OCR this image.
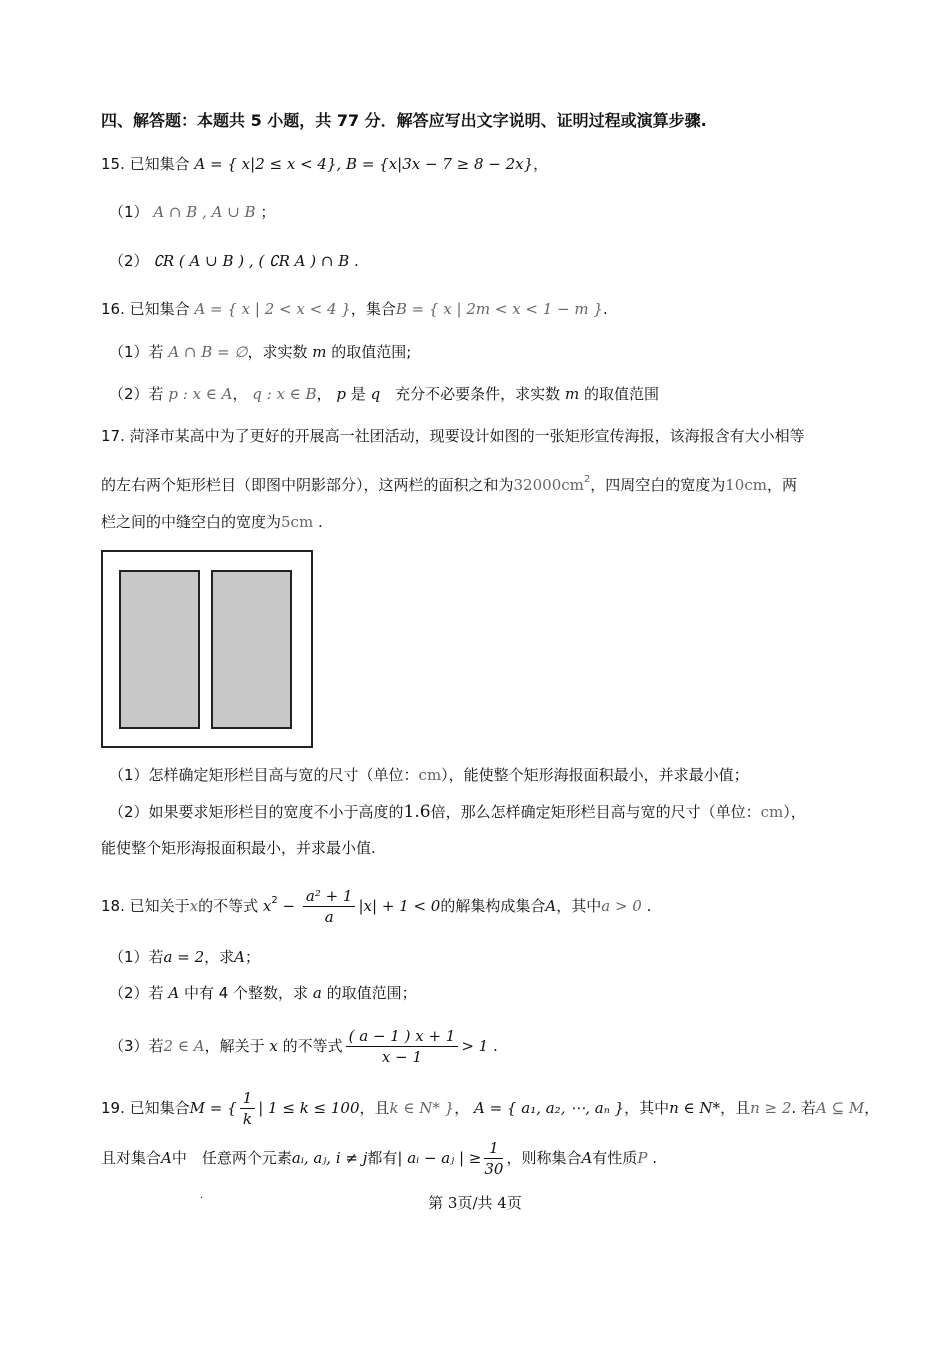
四、解答题：本题共 5 小题，共 77 分．解答应写出文字说明、证明过程或演算步骤.
15. 已知集合 A = { x|2 ≤ x < 4}, B = {x|3x − 7 ≥ 8 − 2x}，
（1） A ∩ B , A ∪ B ；
（2） ∁R ( A ∪ B ) , ( ∁R A ) ∩ B .
16. 已知集合 A = { x | 2 < x < 4 }，集合B = { x | 2m < x < 1 − m }.
（1）若 A ∩ B = ∅，求实数 m 的取值范围;
（2）若 p : x ∈ A， q : x ∈ B， p 是 q　充分不必要条件，求实数 m 的取值范围
17. 菏泽市某高中为了更好的开展高一社团活动，现要设计如图的一张矩形宣传海报，该海报含有大小相等
的左右两个矩形栏目（即图中阴影部分），这两栏的面积之和为$32000cm^2$，四周空白的宽度为10cm，两
栏之间的中缝空白的宽度为5cm .
（1）怎样确定矩形栏目高与宽的尺寸（单位：cm），能使整个矩形海报面积最小，并求最小值；
（2）如果要求矩形栏目的宽度不小于高度的1.6倍，那么怎样确定矩形栏目高与宽的尺寸（单位：cm），
能使整个矩形海报面积最小，并求最小值.
18. 已知关于x的不等式 $x^2 - \frac{\text{a² + 1}}{a} |x| + 1 < 0$的解集构成集合A，其中a > 0 .
（1）若a = 2，求A；
（2）若 A 中有 4 个整数，求 a 的取值范围；
（3）若2 ∈ A，解关于 x 的不等式 $\frac{( a - 1 ) x + 1}{x - 1} > 1$ .
19. 已知集合M = { $\frac{1}{k}$ | 1 ≤ k ≤ 100，且k ∈ N* }， A = { a₁, a₂, ⋯, aₙ }，其中n ∈ N*，且n ≥ 2. 若A ⊆ M，
且对集合A中　任意两个元素aᵢ, aⱼ, i ≠ j都有| aᵢ − aⱼ | ≥ $\frac{1}{30}$ ，则称集合A有性质P .
.	第 3页/共 4页
